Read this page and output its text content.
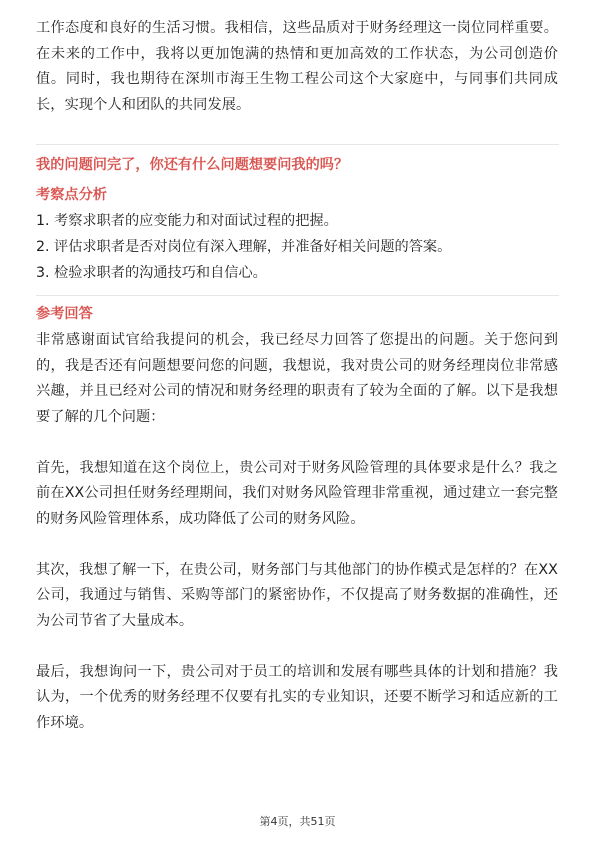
工作态度和良好的生活习惯。我相信，这些品质对于财务经理这一岗位同样重要。在未来的工作中，我将以更加饱满的热情和更加高效的工作状态，为公司创造价值。同时，我也期待在深圳市海王生物工程公司这个大家庭中，与同事们共同成长，实现个人和团队的共同发展。

我的问题问完了，你还有什么问题想要问我的吗？

考察点分析

1. 考察求职者的应变能力和对面试过程的把握。
2. 评估求职者是否对岗位有深入理解，并准备好相关问题的答案。
3. 检验求职者的沟通技巧和自信心。

参考回答

非常感谢面试官给我提问的机会，我已经尽力回答了您提出的问题。关于您问到的，我是否还有问题想要问您的问题，我想说，我对贵公司的财务经理岗位非常感兴趣，并且已经对公司的情况和财务经理的职责有了较为全面的了解。以下是我想要了解的几个问题：

首先，我想知道在这个岗位上，贵公司对于财务风险管理的具体要求是什么？我之前在XX公司担任财务经理期间，我们对财务风险管理非常重视，通过建立一套完整的财务风险管理体系，成功降低了公司的财务风险。

其次，我想了解一下，在贵公司，财务部门与其他部门的协作模式是怎样的？在XX公司，我通过与销售、采购等部门的紧密协作，不仅提高了财务数据的准确性，还为公司节省了大量成本。

最后，我想询问一下，贵公司对于员工的培训和发展有哪些具体的计划和措施？我认为，一个优秀的财务经理不仅要有扎实的专业知识，还要不断学习和适应新的工作环境。

第4页，共51页
